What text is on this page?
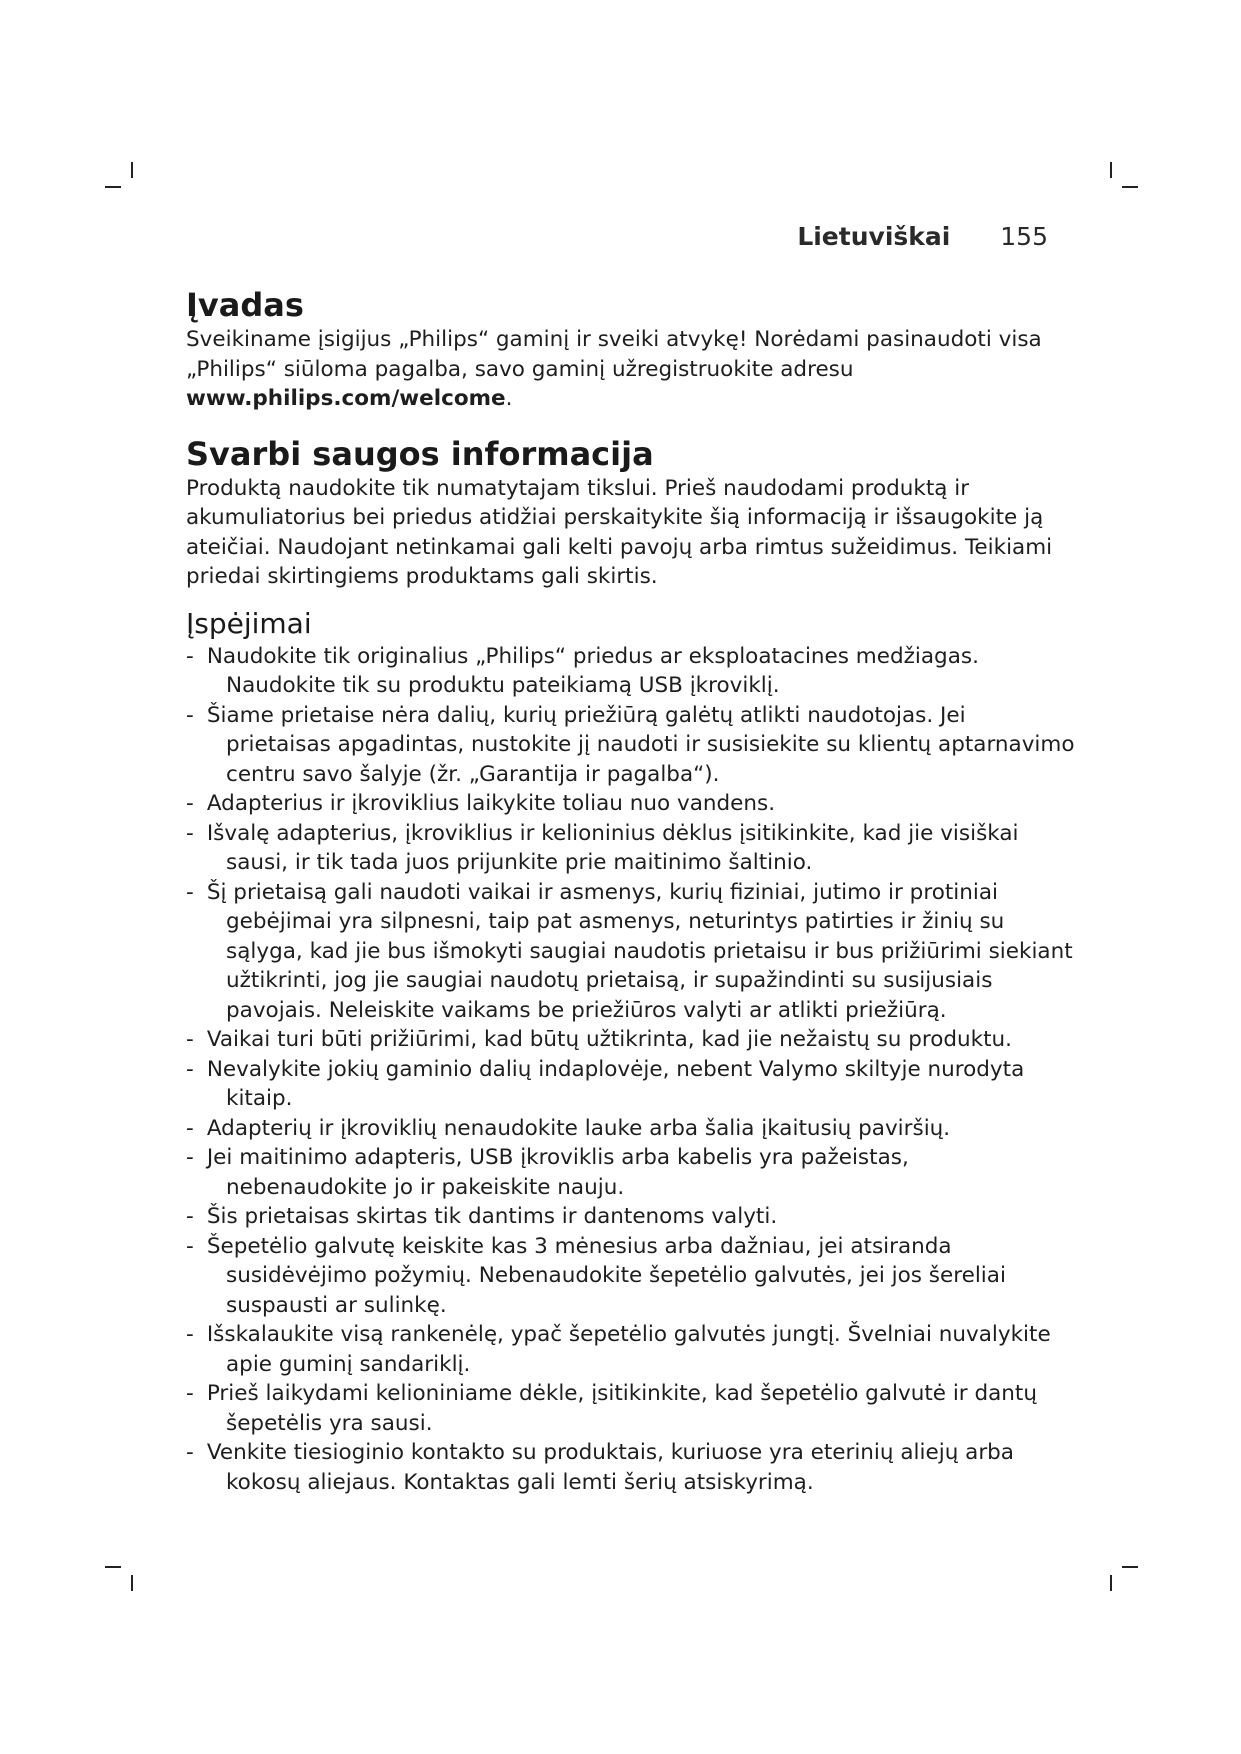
Lietuviškai 155
Įvadas

Sveikiname įsigijus „Philips“ gaminį ir sveiki atvykę! Norėdami pasinaudoti visa „Philips“ siūloma pagalba, savo gaminį užregistruokite adresu www.philips.com/welcome.

Svarbi saugos informacija

Produktą naudokite tik numatytajam tikslui. Prieš naudodami produktą ir akumuliatorius bei priedus atidžiai perskaitykite šią informaciją ir išsaugokite ją ateičiai. Naudojant netinkamai gali kelti pavojų arba rimtus sužeidimus. Teikiami priedai skirtingiems produktams gali skirtis.

Įspėjimai
- Naudokite tik originalius „Philips“ priedus ar eksploatacines medžiagas. Naudokite tik su produktu pateikiamą USB įkroviklį.
- Šiame prietaise nėra dalių, kurių priežiūrą galėtų atlikti naudotojas. Jei prietaisas apgadintas, nustokite jį naudoti ir susisiekite su klientų aptarnavimo centru savo šalyje (žr. „Garantija ir pagalba“).
- Adapterius ir įkroviklius laikykite toliau nuo vandens.
- Išvalę adapterius, įkroviklius ir kelioninius dėklus įsitikinkite, kad jie visiškai sausi, ir tik tada juos prijunkite prie maitinimo šaltinio.
- Šį prietaisą gali naudoti vaikai ir asmenys, kurių fiziniai, jutimo ir protiniai gebėjimai yra silpnesni, taip pat asmenys, neturintys patirties ir žinių su sąlyga, kad jie bus išmokyti saugiai naudotis prietaisu ir bus prižiūrimi siekiant užtikrinti, jog jie saugiai naudotų prietaisą, ir supažindinti su susijusiais pavojais. Neleiskite vaikams be priežiūros valyti ar atlikti priežiūrą.
- Vaikai turi būti prižiūrimi, kad būtų užtikrinta, kad jie nežaistų su produktu.
- Nevalykite jokių gaminio dalių indaplovėje, nebent Valymo skiltyje nurodyta kitaip.
- Adapterių ir įkroviklių nenaudokite lauke arba šalia įkaitusių paviršių.
- Jei maitinimo adapteris, USB įkroviklis arba kabelis yra pažeistas, nebenaudokite jo ir pakeiskite nauju.
- Šis prietaisas skirtas tik dantims ir dantenoms valyti.
- Šepetėlio galvutę keiskite kas 3 mėnesius arba dažniau, jei atsiranda susidėvėjimo požymių. Nebenaudokite šepetėlio galvutės, jei jos šereliai suspausti ar sulinkę.
- Išskalaukite visą rankenėlę, ypač šepetėlio galvutės jungtį. Švelniai nuvalykite apie guminį sandariklį.
- Prieš laikydami kelioniniame dėkle, įsitikinkite, kad šepetėlio galvutė ir dantų šepetėlis yra sausi.
- Venkite tiesioginio kontakto su produktais, kuriuose yra eterinių aliejų arba kokosų aliejaus. Kontaktas gali lemti šerių atsiskyrimą.
